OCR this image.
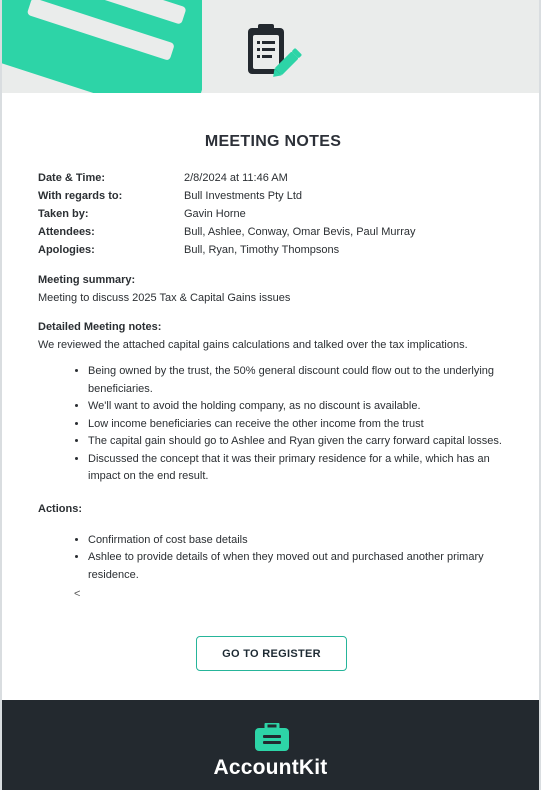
MEETING NOTES
Date & Time:	2/8/2024 at 11:46 AM
With regards to:	Bull Investments Pty Ltd
Taken by:	Gavin Horne
Attendees:	Bull, Ashlee, Conway, Omar Bevis, Paul Murray
Apologies:	Bull, Ryan, Timothy Thompsons
Meeting summary:
Meeting to discuss 2025 Tax & Capital Gains issues
Detailed Meeting notes:
We reviewed the attached capital gains calculations and talked over the tax implications.
• Being owned by the trust, the 50% general discount could flow out to the underlying beneficiaries.
• We'll want to avoid the holding company, as no discount is available.
• Low income beneficiaries can receive the other income from the trust
• The capital gain should go to Ashlee and Ryan given the carry forward capital losses.
• Discussed the concept that it was their primary residence for a while, which has an impact on the end result.
Actions:
• Confirmation of cost base details
• Ashlee to provide details of when they moved out and purchased another primary residence.
<
GO TO REGISTER
AccountKit
